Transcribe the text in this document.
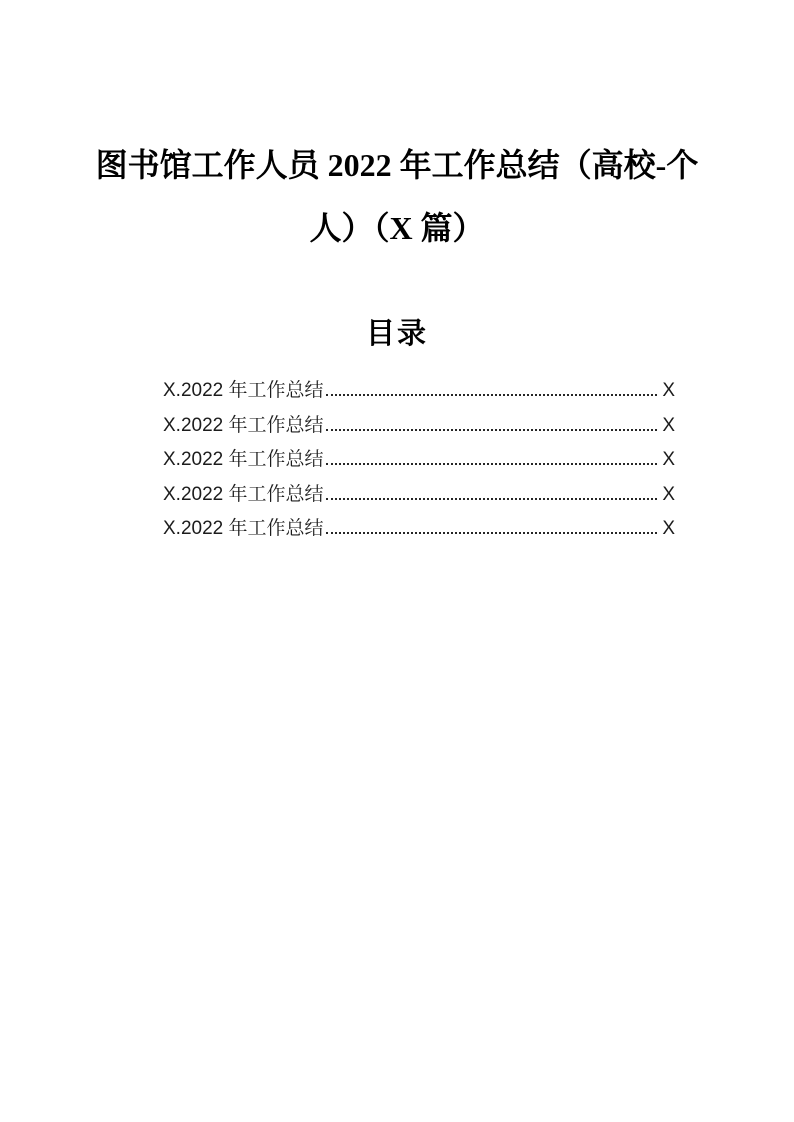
图书馆工作人员 2022 年工作总结（高校-个
人）（X 篇）
目录
X.2022 年工作总结	X
X.2022 年工作总结	X
X.2022 年工作总结	X
X.2022 年工作总结	X
X.2022 年工作总结	X
